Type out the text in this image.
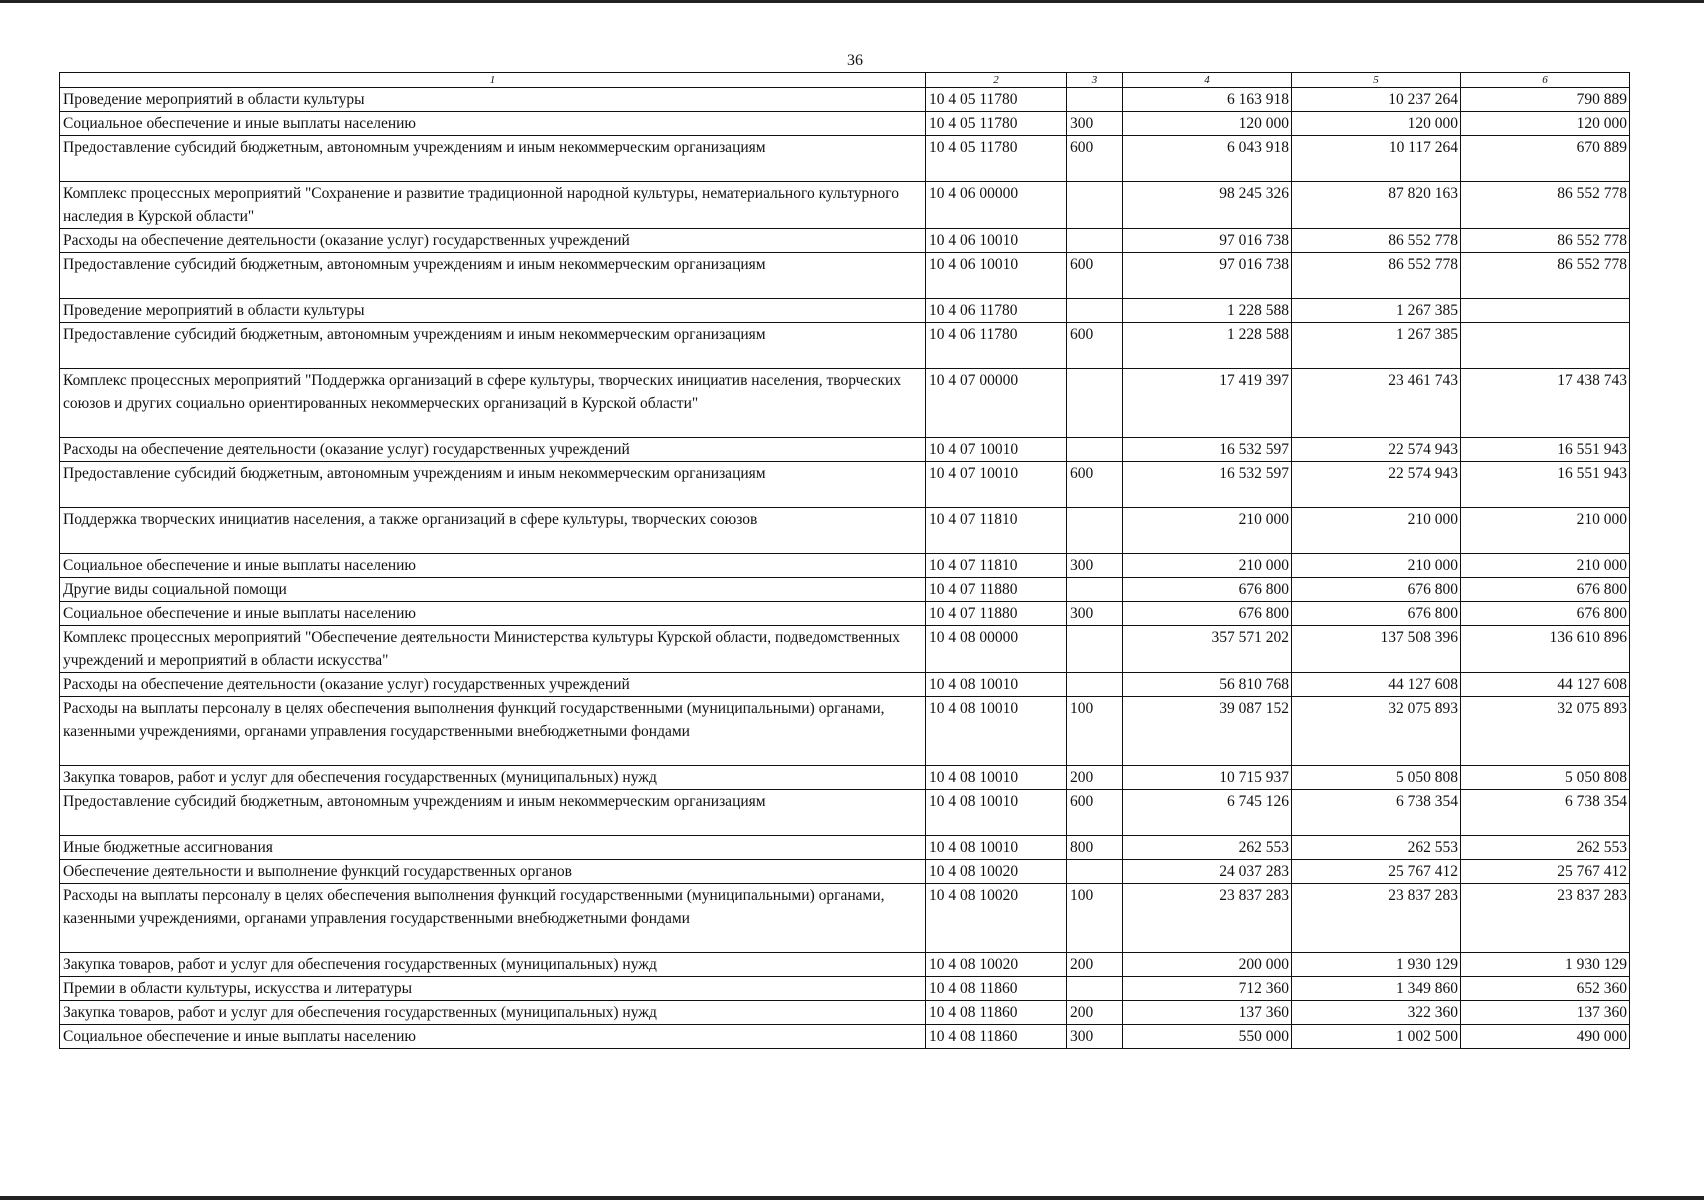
36
1	2	3	4	5	6
Проведение мероприятий в области культуры	10 4 05 11780		6 163 918	10 237 264	790 889
Социальное обеспечение и иные выплаты населению	10 4 05 11780	300	120 000	120 000	120 000
Предоставление субсидий бюджетным, автономным учреждениям и иным некоммерческим организациям	10 4 05 11780	600	6 043 918	10 117 264	670 889
Комплекс процессных мероприятий "Сохранение и развитие традиционной народной культуры, нематериального культурного наследия в Курской области"	10 4 06 00000		98 245 326	87 820 163	86 552 778
Расходы на обеспечение деятельности (оказание услуг) государственных учреждений	10 4 06 10010		97 016 738	86 552 778	86 552 778
Предоставление субсидий бюджетным, автономным учреждениям и иным некоммерческим организациям	10 4 06 10010	600	97 016 738	86 552 778	86 552 778
Проведение мероприятий в области культуры	10 4 06 11780		1 228 588	1 267 385	
Предоставление субсидий бюджетным, автономным учреждениям и иным некоммерческим организациям	10 4 06 11780	600	1 228 588	1 267 385	
Комплекс процессных мероприятий "Поддержка организаций в сфере культуры, творческих инициатив населения, творческих союзов и других социально ориентированных некоммерческих организаций в Курской области"	10 4 07 00000		17 419 397	23 461 743	17 438 743
Расходы на обеспечение деятельности (оказание услуг) государственных учреждений	10 4 07 10010		16 532 597	22 574 943	16 551 943
Предоставление субсидий бюджетным, автономным учреждениям и иным некоммерческим организациям	10 4 07 10010	600	16 532 597	22 574 943	16 551 943
Поддержка творческих инициатив населения, а также организаций в сфере культуры, творческих союзов	10 4 07 11810		210 000	210 000	210 000
Социальное обеспечение и иные выплаты населению	10 4 07 11810	300	210 000	210 000	210 000
Другие виды социальной помощи	10 4 07 11880		676 800	676 800	676 800
Социальное обеспечение и иные выплаты населению	10 4 07 11880	300	676 800	676 800	676 800
Комплекс процессных мероприятий "Обеспечение деятельности Министерства культуры Курской области, подведомственных учреждений и мероприятий в области искусства"	10 4 08 00000		357 571 202	137 508 396	136 610 896
Расходы на обеспечение деятельности (оказание услуг) государственных учреждений	10 4 08 10010		56 810 768	44 127 608	44 127 608
Расходы на выплаты персоналу в целях обеспечения выполнения функций государственными (муниципальными) органами, казенными учреждениями, органами управления государственными внебюджетными фондами	10 4 08 10010	100	39 087 152	32 075 893	32 075 893
Закупка товаров, работ и услуг для обеспечения государственных (муниципальных) нужд	10 4 08 10010	200	10 715 937	5 050 808	5 050 808
Предоставление субсидий бюджетным, автономным учреждениям и иным некоммерческим организациям	10 4 08 10010	600	6 745 126	6 738 354	6 738 354
Иные бюджетные ассигнования	10 4 08 10010	800	262 553	262 553	262 553
Обеспечение деятельности и выполнение функций государственных органов	10 4 08 10020		24 037 283	25 767 412	25 767 412
Расходы на выплаты персоналу в целях обеспечения выполнения функций государственными (муниципальными) органами, казенными учреждениями, органами управления государственными внебюджетными фондами	10 4 08 10020	100	23 837 283	23 837 283	23 837 283
Закупка товаров, работ и услуг для обеспечения государственных (муниципальных) нужд	10 4 08 10020	200	200 000	1 930 129	1 930 129
Премии в области культуры, искусства и литературы	10 4 08 11860		712 360	1 349 860	652 360
Закупка товаров, работ и услуг для обеспечения государственных (муниципальных) нужд	10 4 08 11860	200	137 360	322 360	137 360
Социальное обеспечение и иные выплаты населению	10 4 08 11860	300	550 000	1 002 500	490 000
